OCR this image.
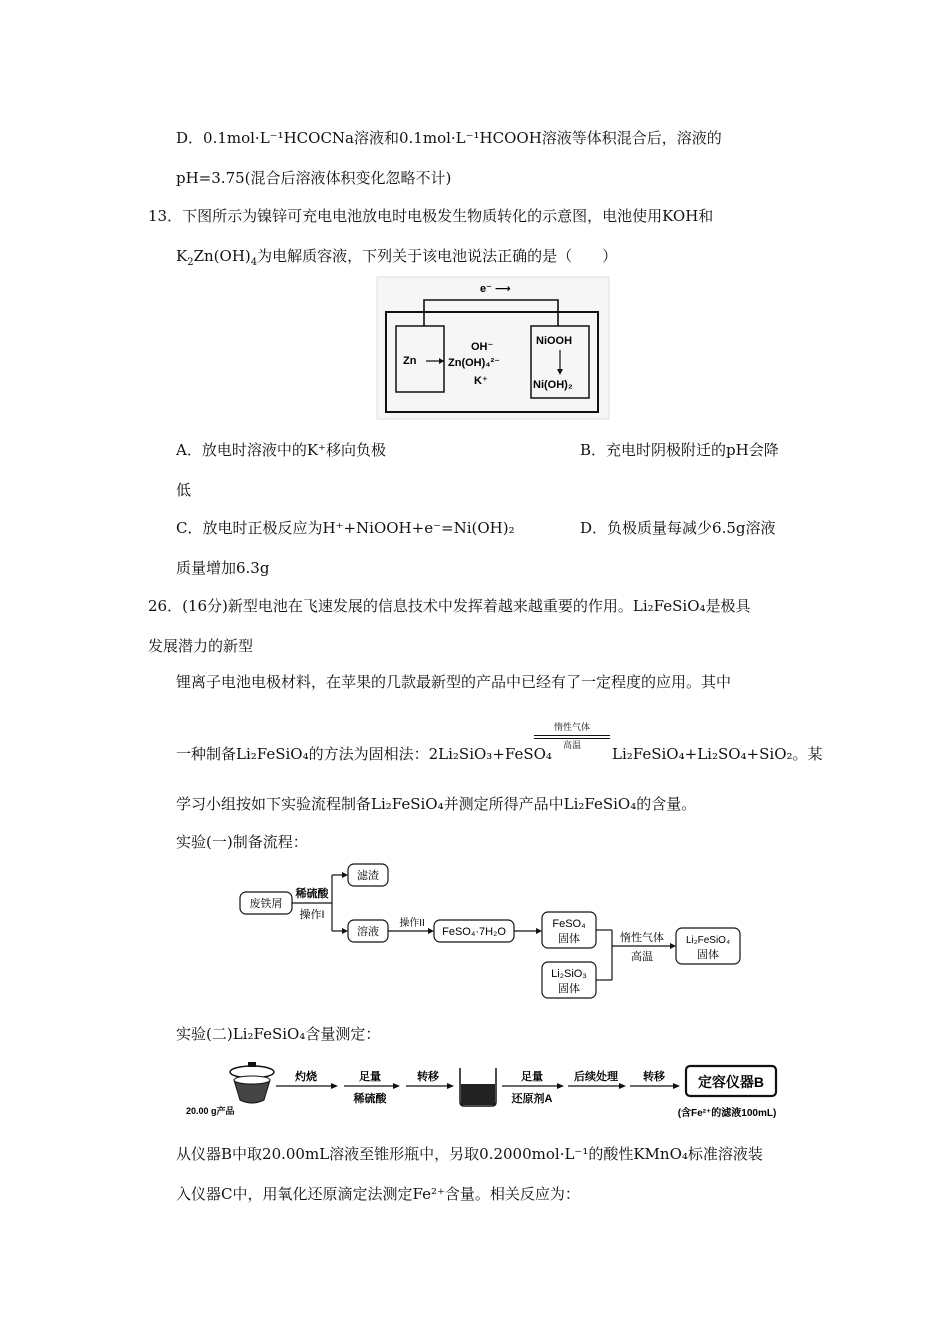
D．0.1mol·L⁻¹HCOCNa溶液和0.1mol·L⁻¹HCOOH溶液等体积混合后，溶液的
pH=3.75(混合后溶液体积变化忽略不计)
13．下图所示为镍锌可充电电池放电时电极发生物质转化的示意图，电池使用KOH和
$K_2Zn(OH)_4$为电解质容液，下列关于该电池说法正确的是（　　）
e⁻ ⟶
Zn
OH⁻
Zn(OH)₄²⁻
K⁺
NiOOH
Ni(OH)₂
A．放电时溶液中的K⁺移向负极	B．充电时阴极附迁的pH会降
低
C．放电时正极反应为H⁺+NiOOH+e⁻=Ni(OH)₂	D．负极质量每减少6.5g溶液
质量增加6.3g
26．(16分)新型电池在飞速发展的信息技术中发挥着越来越重要的作用。Li₂FeSiO₄是极具
发展潜力的新型
锂离子电池电极材料，在苹果的几款最新型的产品中已经有了一定程度的应用。其中
一种制备Li₂FeSiO₄的方法为固相法：2Li₂SiO₃+FeSO₄
惰性气体
高温	Li₂FeSiO₄+Li₂SO₄+SiO₂。某
学习小组按如下实验流程制备Li₂FeSiO₄并测定所得产品中Li₂FeSiO₄的含量。
实验(一)制备流程：
废铁屑
稀硫酸
操作I
滤渣
溶液
操作II
FeSO₄·7H₂O
FeSO₄
固体
Li₂SiO₃
固体
惰性气体
高温
Li₂FeSiO₄
固体
实验(二)Li₂FeSiO₄含量测定：
20.00 g产品
灼烧	足量
稀硫酸
转移	足量
还原剂A
后续处理 转移 定容仪器B
(含Fe²⁺的滤液100mL)
从仪器B中取20.00mL溶液至锥形瓶中，另取0.2000mol·L⁻¹的酸性KMnO₄标准溶液装
入仪器C中，用氧化还原滴定法测定Fe²⁺含量。相关反应为：
